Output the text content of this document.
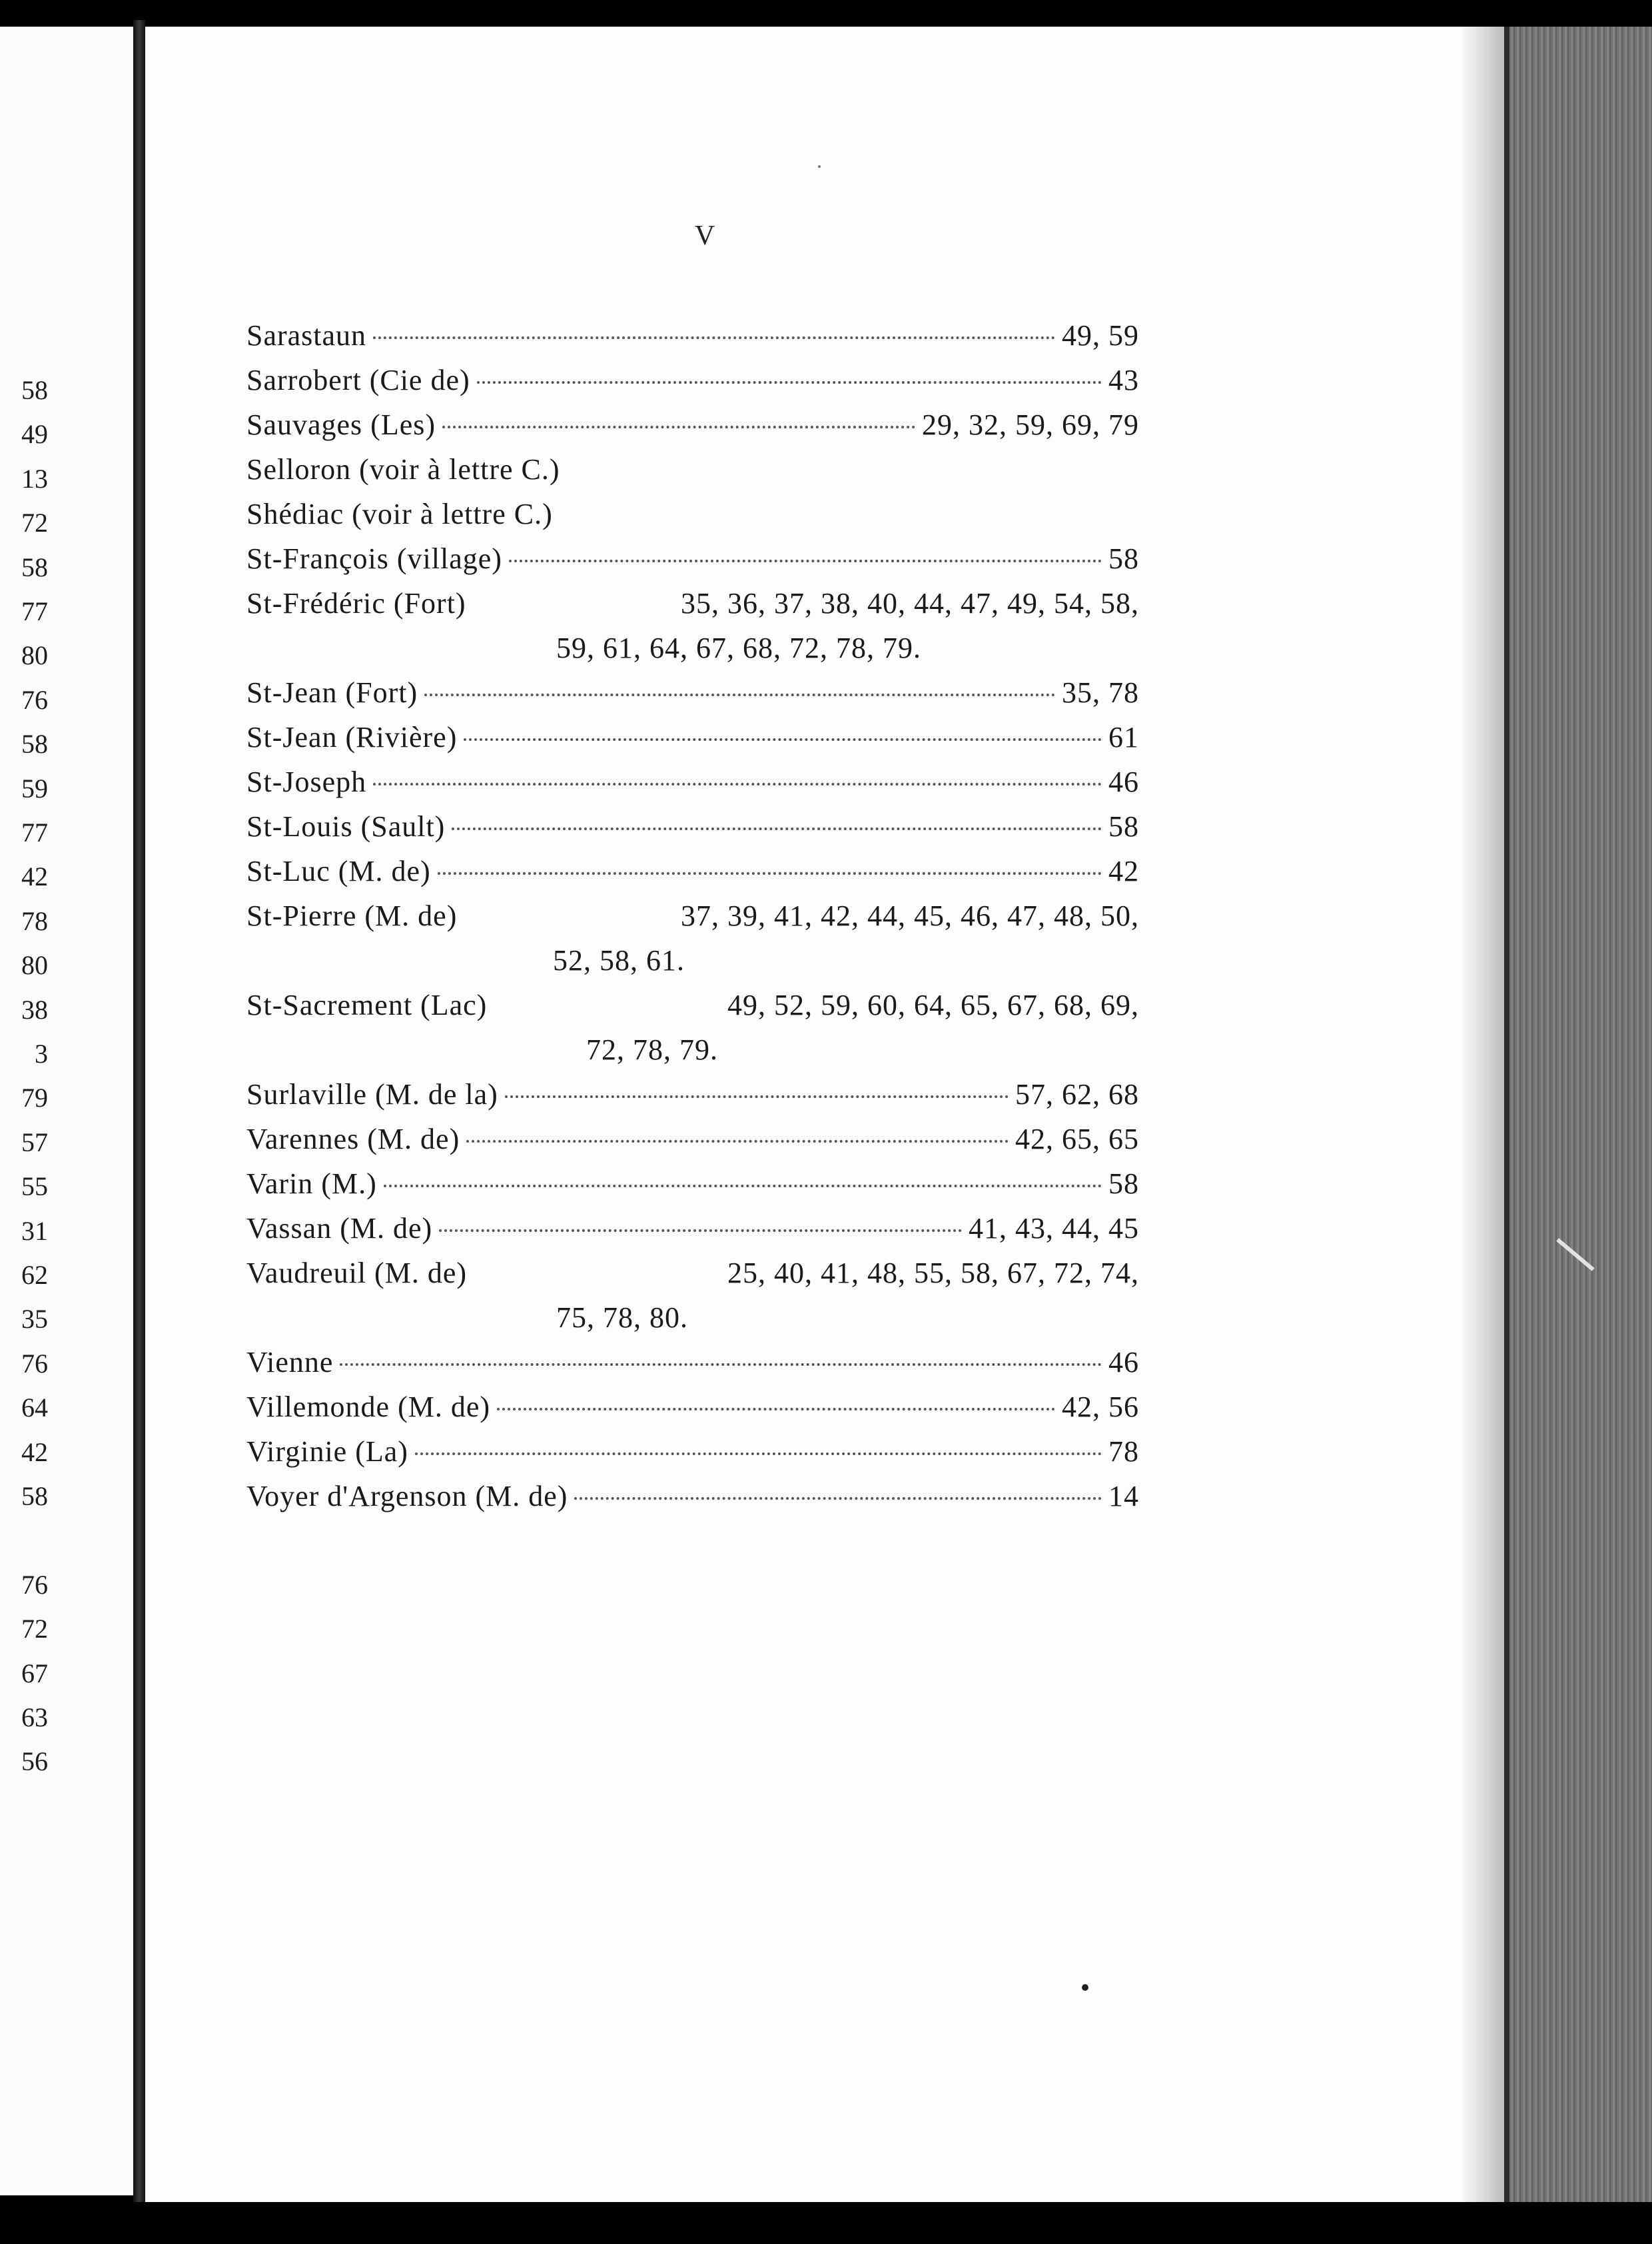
58
49
13
72
58
77
80
76
58
59
77
42
78
80
38
3
79
57
55
31
62
35
76
64
42
58
76
72
67
63
56
V
Sarastaun	49, 59
Sarrobert (Cie de)	43
Sauvages (Les)	29, 32, 59, 69, 79
Selloron (voir à lettre C.)
Shédiac (voir à lettre C.)
St-François (village)	58
St-Frédéric (Fort)	35, 36, 37, 38, 40, 44, 47, 49, 54, 58,
59, 61, 64, 67, 68, 72, 78, 79.
St-Jean (Fort)	35, 78
St-Jean (Rivière)	61
St-Joseph	46
St-Louis (Sault)	58
St-Luc (M. de)	42
St-Pierre (M. de)	37, 39, 41, 42, 44, 45, 46, 47, 48, 50,
52, 58, 61.
St-Sacrement (Lac)	49, 52, 59, 60, 64, 65, 67, 68, 69,
72, 78, 79.
Surlaville (M. de la)	57, 62, 68
Varennes (M. de)	42, 65, 65
Varin (M.)	58
Vassan (M. de)	41, 43, 44, 45
Vaudreuil (M. de)	25, 40, 41, 48, 55, 58, 67, 72, 74,
75, 78, 80.
Vienne	46
Villemonde (M. de)	42, 56
Virginie (La)	78
Voyer d'Argenson (M. de)	14
